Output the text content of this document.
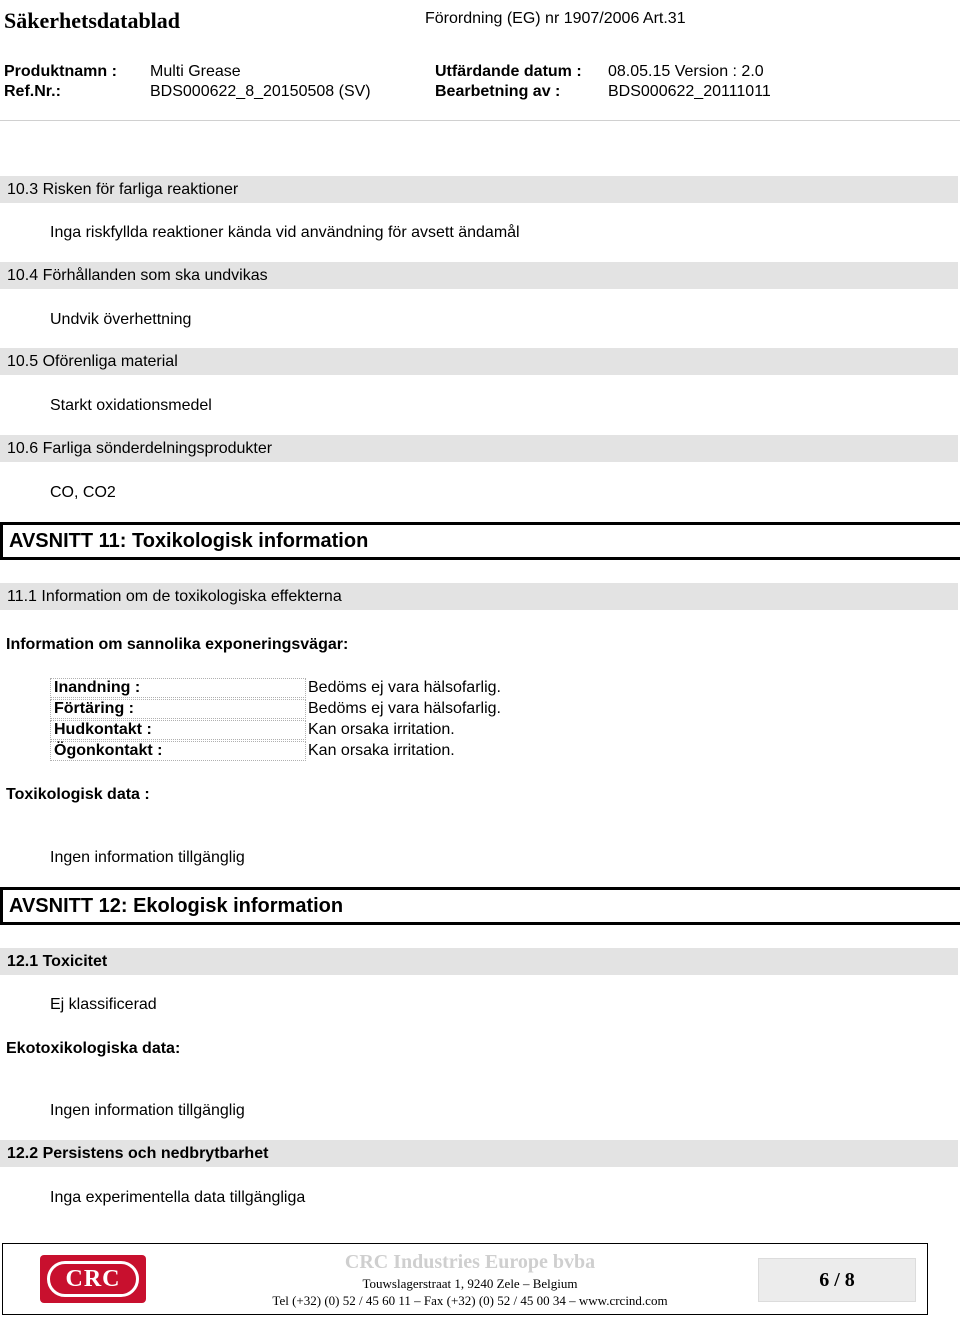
Säkerhetsdatablad	Förordning (EG) nr 1907/2006 Art.31
Produktnamn : Multi Grease
Ref.Nr.:	BDS000622_8_20150508 (SV)
Utfärdande datum : 08.05.15 Version : 2.0
Bearbetning av :	BDS000622_20111011
10.3 Risken för farliga reaktioner
Inga riskfyllda reaktioner kända vid användning för avsett ändamål
10.4 Förhållanden som ska undvikas
Undvik överhettning
10.5 Oförenliga material
Starkt oxidationsmedel
10.6 Farliga sönderdelningsprodukter
CO, CO2
AVSNITT 11: Toxikologisk information
11.1 Information om de toxikologiska effekterna
Information om sannolika exponeringsvägar:
Inandning :	Bedöms ej vara hälsofarlig.
Förtäring :	Bedöms ej vara hälsofarlig.
Hudkontakt :	Kan orsaka irritation.
Ögonkontakt :	Kan orsaka irritation.
Toxikologisk data :
Ingen information tillgänglig
AVSNITT 12: Ekologisk information
12.1 Toxicitet
Ej klassificerad
Ekotoxikologiska data:
Ingen information tillgänglig
12.2 Persistens och nedbrytbarhet
Inga experimentella data tillgängliga
CRC
CRC Industries Europe bvba
Touwslagerstraat 1, 9240 Zele – Belgium
Tel (+32) (0) 52 / 45 60 11 – Fax (+32) (0) 52 / 45 00 34 – www.crcind.com
6 / 8
